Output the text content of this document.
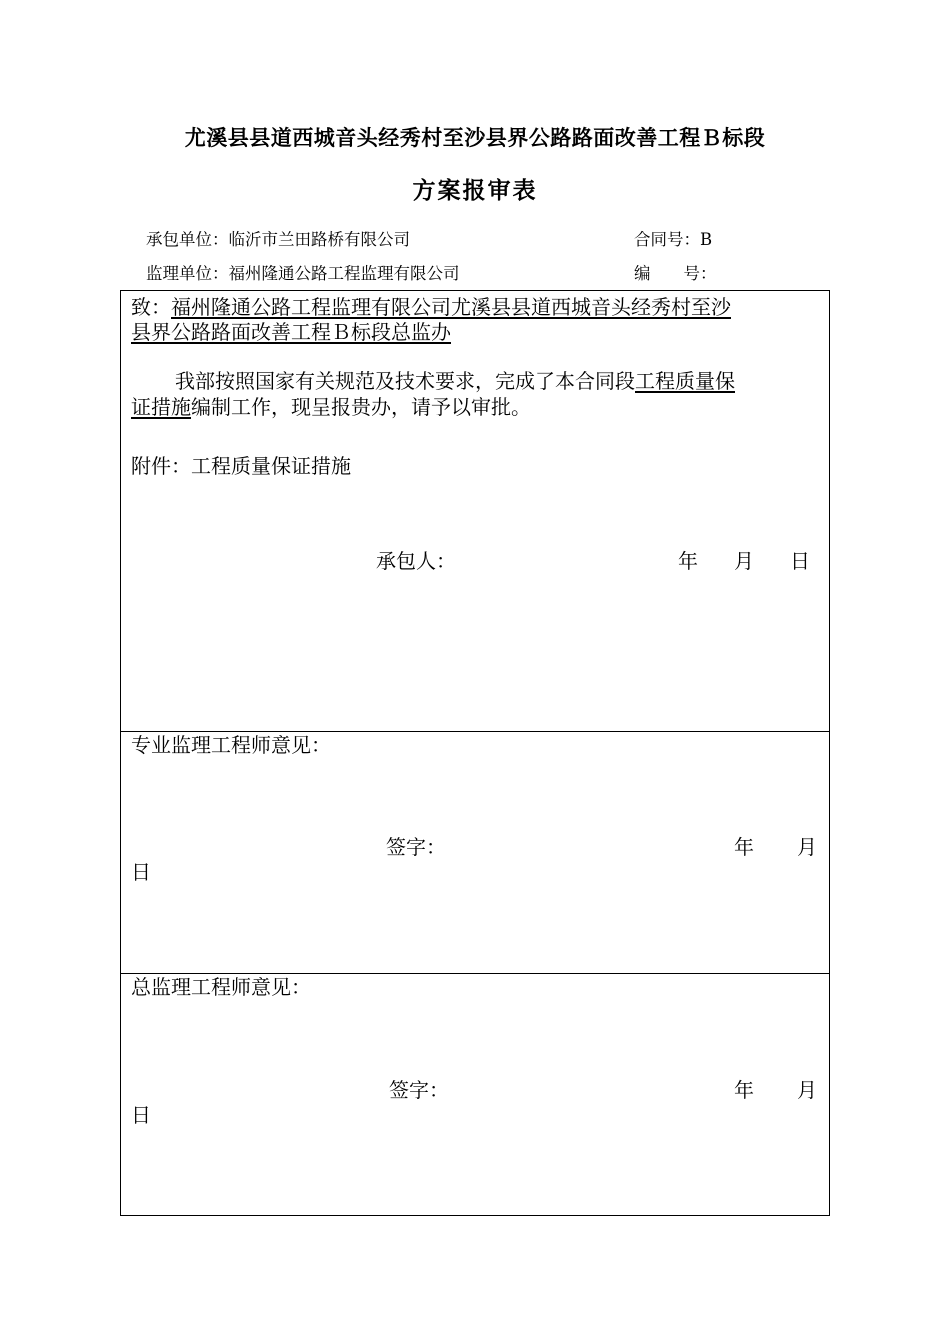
尤溪县县道西城音头经秀村至沙县界公路路面改善工程Ｂ标段
方案报审表
承包单位：临沂市兰田路桥有限公司	合同号：B
监理单位：福州隆通公路工程监理有限公司	编　　号：
致：福州隆通公路工程监理有限公司尤溪县县道西城音头经秀村至沙
县界公路路面改善工程Ｂ标段总监办
我部按照国家有关规范及技术要求，完成了本合同段工程质量保
证措施编制工作，现呈报贵办，请予以审批。
附件：工程质量保证措施
承包人：	年 月 日
专业监理工程师意见：
签字：	年 月
日
总监理工程师意见：
签字：	年 月
日
